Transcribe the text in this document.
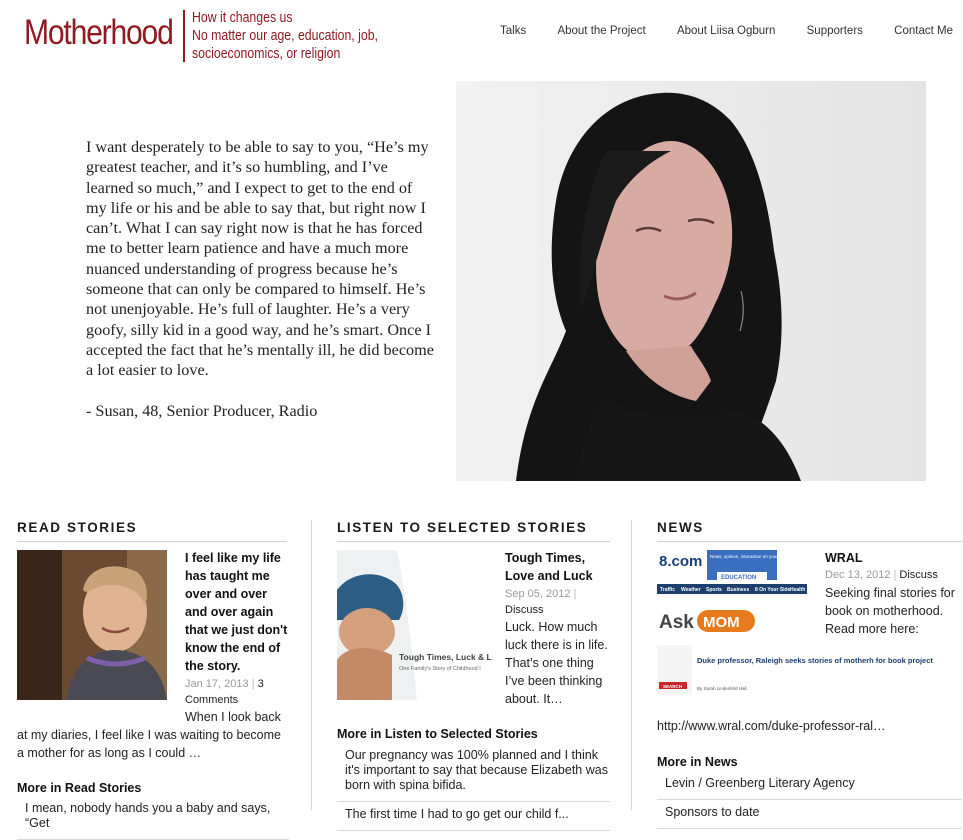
Motherhood How it changes us
No matter our age, education, job,
socioeconomics, or religion
Talks	About the Project	About Liisa Ogburn	Supporters	Contact Me

I want desperately to be able to say to you, “He’s my greatest teacher, and it’s so humbling, and I’ve learned so much,” and I expect to get to the end of my life or his and be able to say that, but right now I can’t. What I can say right now is that he has forced me to better learn patience and have a much more nuanced understanding of progress because he’s someone that can only be compared to himself. He’s not unenjoyable. He’s full of laughter. He’s a very goofy, silly kid in a good way, and he’s smart. Once I accepted the fact that he’s mentally ill, he did become a lot easier to love.

- Susan, 48, Senior Producer, Radio

READ STORIES
I feel like my life has taught me over and over and over again that we just don't know the end of the story.
Jan 17, 2013 | 3 Comments
When I look back
at my diaries, I feel like I was waiting to become a mother for as long as I could …
More in Read Stories
I mean, nobody hands you a baby and says, “Get
LISTEN TO SELECTED STORIES
Tough Times, Luck & L
One Family's Story of Childhood I
Tough Times, Love and Luck
Sep 05, 2012 |
Discuss
Luck. How much luck there is in life. That’s one thing I’ve been thinking about. It…
More in Listen to Selected Stories
Our pregnancy was 100% planned and I think it's important to say that because Elizabeth was born with spina bifida.
The first time I had to go get our child f...
NEWS
8.com News, opinion, interaction on your schools
EDUCATION
Traffic Weather Sports Business 8 On Your Side Health
Ask MOM
SEARCH
Duke professor, Raleigh seeks stories of motherh for book project
By Sarah Lindenfeld Hall
WRAL
Dec 13, 2012 | Discuss
Seeking final stories for book on motherhood. Read more here:
http://www.wral.com/duke-professor-ral…
More in News
Levin / Greenberg Literary Agency
Sponsors to date
